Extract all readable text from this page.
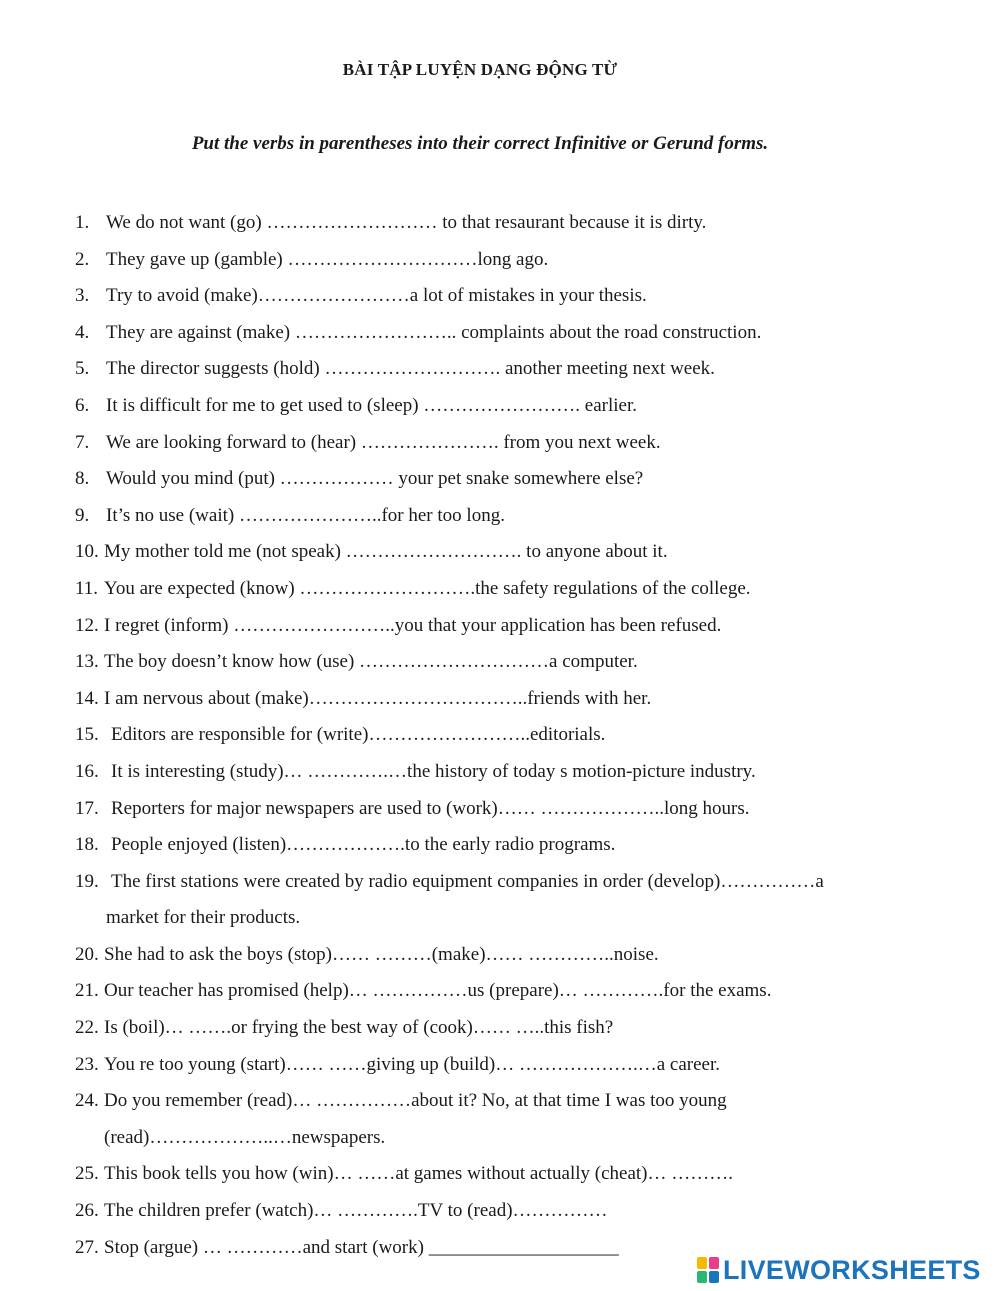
BÀI TẬP LUYỆN DẠNG ĐỘNG TỪ
Put the verbs in parentheses into their correct Infinitive or Gerund forms.
1. We do not want (go) ……………………… to that resaurant because it is dirty.
2. They gave up (gamble) …………………………long ago.
3. Try to avoid (make)……………………a lot of mistakes in your thesis.
4. They are against (make) …………………….. complaints about the road construction.
5. The director suggests (hold) ………………………. another meeting next week.
6. It is difficult for me to get used to (sleep) ……………………. earlier.
7. We are looking forward to (hear) …………………. from you next week.
8. Would you mind (put) ……………… your pet snake somewhere else?
9. It’s no use (wait) …………………..for her too long.
10. My mother told me (not speak) ………………………. to anyone about it.
11. You are expected (know) ……………………….the safety regulations of the college.
12. I regret (inform) ……………………..you that your application has been refused.
13. The boy doesn’t know how (use) …………………………a computer.
14. I am nervous about (make)……………………………..friends with her.
15. Editors are responsible for (write)……………………..editorials.
16. It is interesting (study)… ………….…the history of today s motion-picture industry.
17. Reporters for major newspapers are used to (work)…… ………………..long hours.
18. People enjoyed (listen)……………….to the early radio programs.
19. The first stations were created by radio equipment companies in order (develop)……………a
market for their products.
20. She had to ask the boys (stop)…… ………(make)…… …………..noise.
21. Our teacher has promised (help)… ……………us (prepare)… ………….for the exams.
22. Is (boil)… …….or frying the best way of (cook)…… …..this fish?
23. You re too young (start)…… ……giving up (build)… ……………….…a career.
24. Do you remember (read)… ……………about it? No, at that time I was too young
(read)………………..…newspapers.
25. This book tells you how (win)… ……at games without actually (cheat)… ……….
26. The children prefer (watch)… ………….TV to (read)……………
27. Stop (argue) … …………and start (work) ____________________
LIVEWORKSHEETS
